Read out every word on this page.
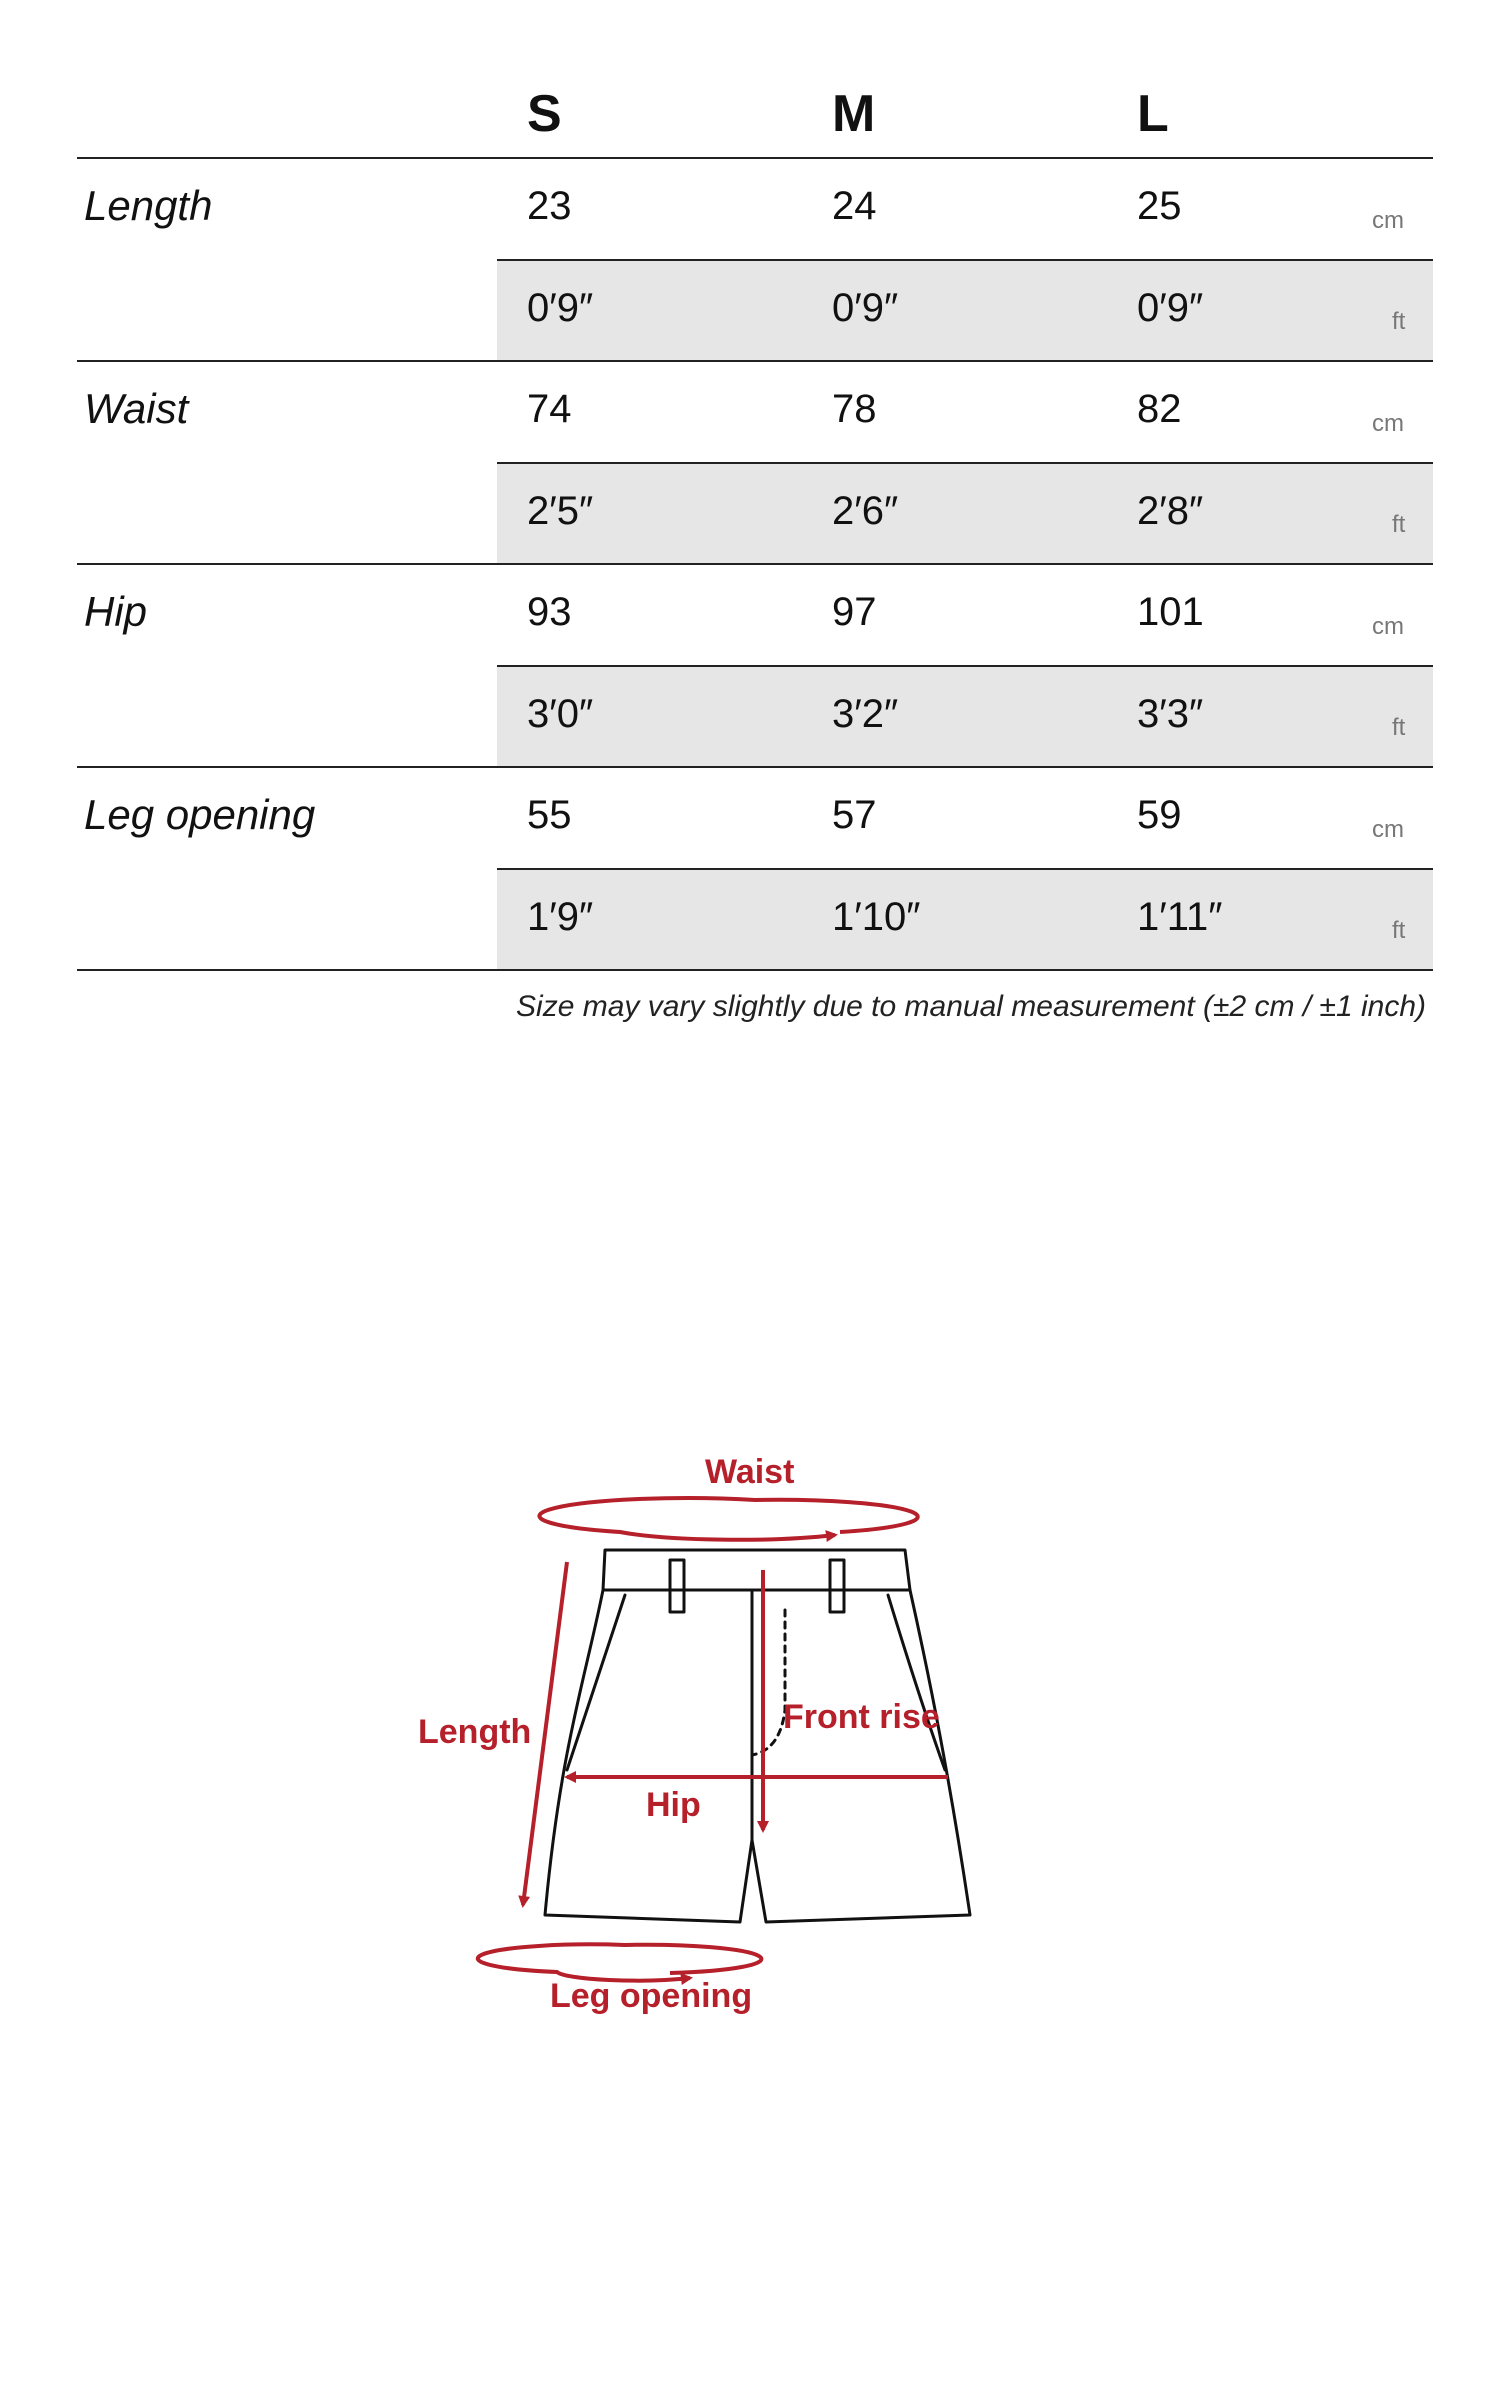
S	M	L
Length	23	24	25	cm
0′9″	0′9″	0′9″	ft
Waist	74	78	82	cm
2′5″	2′6″	2′8″	ft
Hip	93	97	101	cm
3′0″	3′2″	3′3″	ft
Leg opening	55	57	59	cm
1′9″	1′10″	1′11″	ft
Size may vary slightly due to manual measurement (±2 cm / ±1 inch)
Waist
Length	Front rise
Hip
Leg opening
